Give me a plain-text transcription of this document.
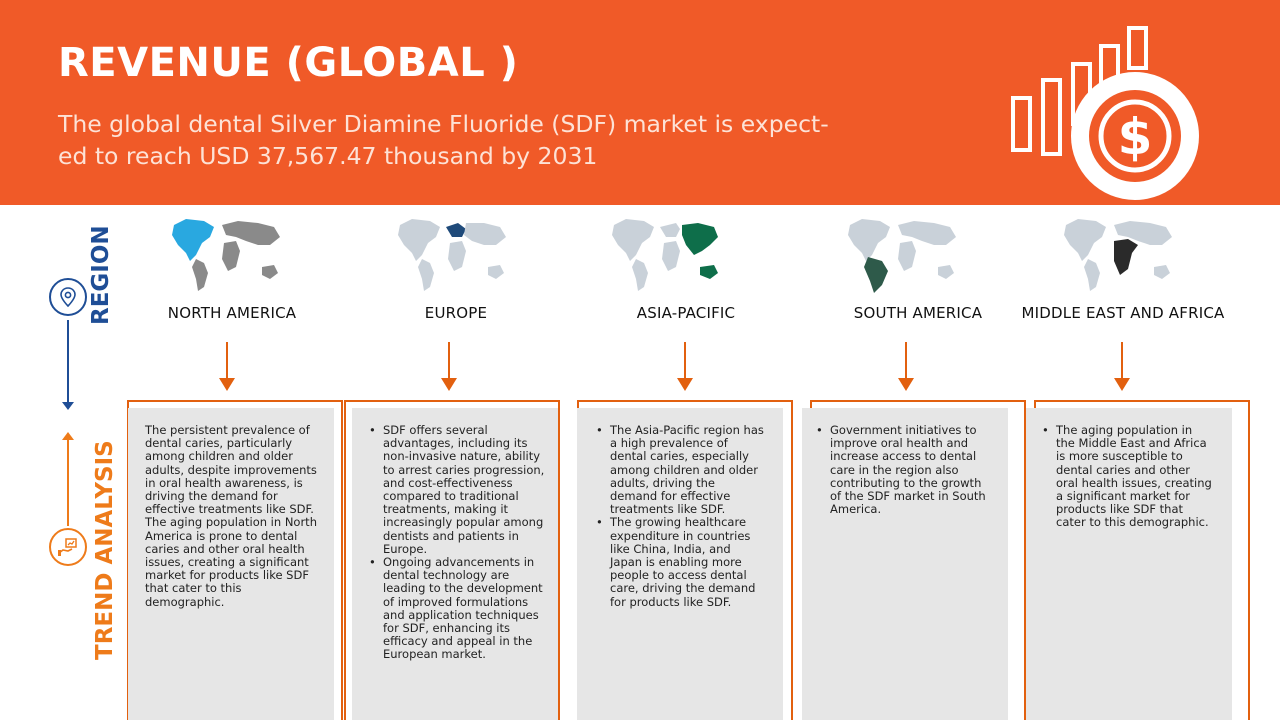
REVENUE (GLOBAL )
The global dental Silver Diamine Fluoride (SDF) market is expect-
ed to reach USD 37,567.47 thousand by 2031	$
REGION
TREND ANALYSIS
NORTH AMERICA
The persistent prevalence of dental caries, particularly among children and older adults, despite improvements in oral health awareness, is driving the demand for effective treatments like SDF. The aging population in North America is prone to dental caries and other oral health issues, creating a significant market for products like SDF that cater to this demographic.
EUROPE
• SDF offers several advantages, including its non-invasive nature, ability to arrest caries progression, and cost-effectiveness compared to traditional treatments, making it increasingly popular among dentists and patients in Europe.
• Ongoing advancements in dental technology are leading to the development of improved formulations and application techniques for SDF, enhancing its efficacy and appeal in the European market.
ASIA-PACIFIC
• The Asia-Pacific region has a high prevalence of dental caries, especially among children and older adults, driving the demand for effective treatments like SDF.
• The growing healthcare expenditure in countries like China, India, and Japan is enabling more people to access dental care, driving the demand for products like SDF.
SOUTH AMERICA
• Government initiatives to improve oral health and increase access to dental care in the region also contributing to the growth of the SDF market in South America.
MIDDLE EAST AND AFRICA
• The aging population in the Middle East and Africa is more susceptible to dental caries and other oral health issues, creating a significant market for products like SDF that cater to this demographic.
